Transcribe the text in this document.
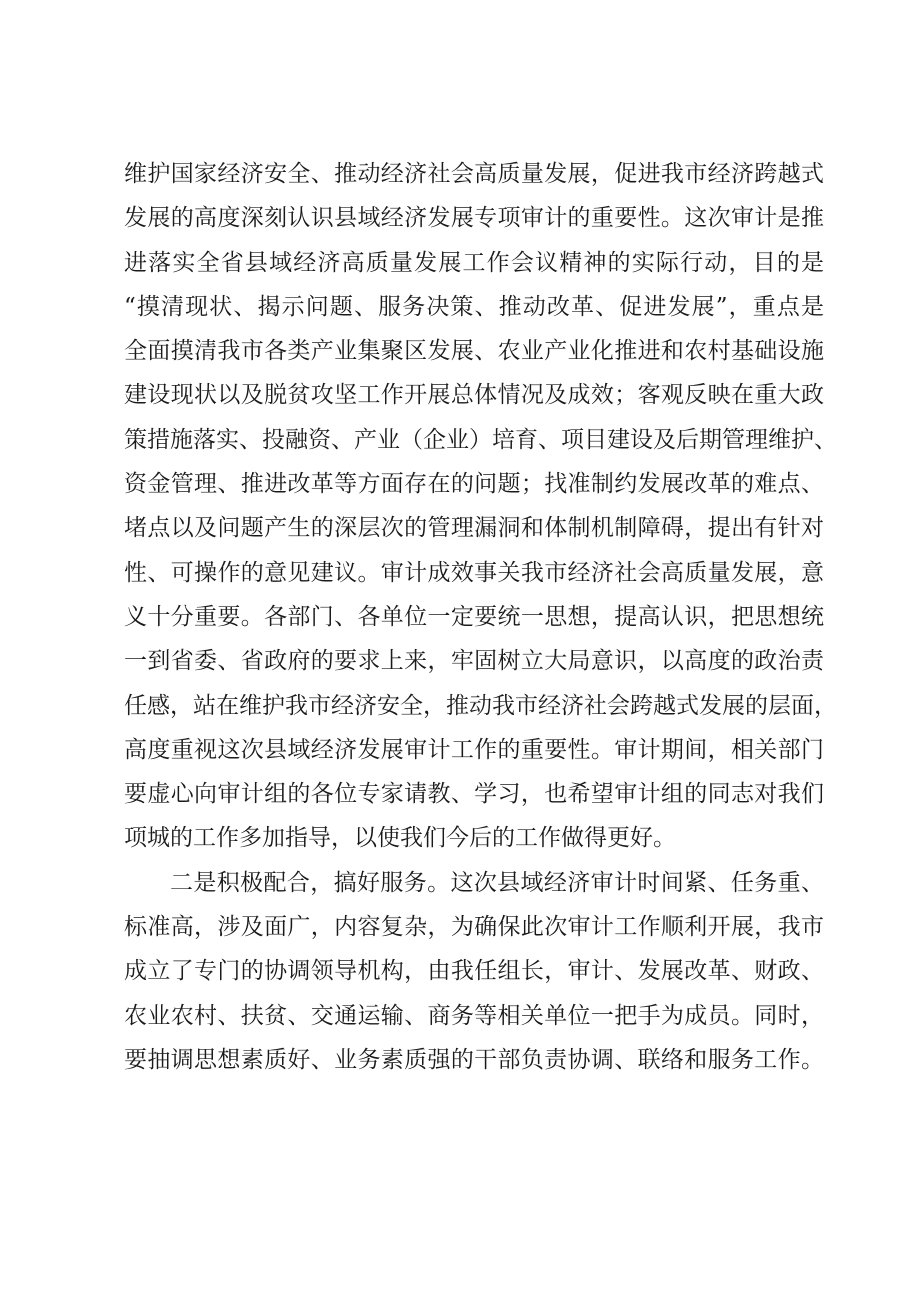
维护国家经济安全、推动经济社会高质量发展，促进我市经济跨越式
发展的高度深刻认识县域经济发展专项审计的重要性。这次审计是推
进落实全省县域经济高质量发展工作会议精神的实际行动，目的是
“摸清现状、揭示问题、服务决策、推动改革、促进发展”，重点是
全面摸清我市各类产业集聚区发展、农业产业化推进和农村基础设施
建设现状以及脱贫攻坚工作开展总体情况及成效；客观反映在重大政
策措施落实、投融资、产业（企业）培育、项目建设及后期管理维护、
资金管理、推进改革等方面存在的问题；找准制约发展改革的难点、
堵点以及问题产生的深层次的管理漏洞和体制机制障碍，提出有针对
性、可操作的意见建议。审计成效事关我市经济社会高质量发展，意
义十分重要。各部门、各单位一定要统一思想，提高认识，把思想统
一到省委、省政府的要求上来，牢固树立大局意识，以高度的政治责
任感，站在维护我市经济安全，推动我市经济社会跨越式发展的层面，
高度重视这次县域经济发展审计工作的重要性。审计期间，相关部门
要虚心向审计组的各位专家请教、学习，也希望审计组的同志对我们
项城的工作多加指导，以使我们今后的工作做得更好。
二是积极配合，搞好服务。这次县域经济审计时间紧、任务重、
标准高，涉及面广，内容复杂，为确保此次审计工作顺利开展，我市
成立了专门的协调领导机构，由我任组长，审计、发展改革、财政、
农业农村、扶贫、交通运输、商务等相关单位一把手为成员。同时，
要抽调思想素质好、业务素质强的干部负责协调、联络和服务工作。
